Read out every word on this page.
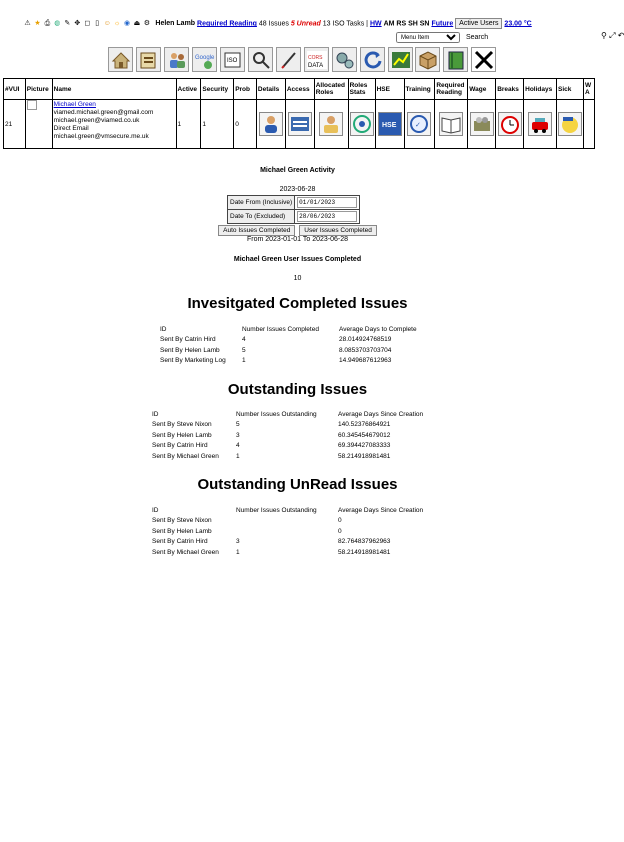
⚠ ★ ⎙ ◍ ✎ ✥ ◻ ▯ ☺ ☼ ◉ ⏏ ⚙ Helen Lamb Required Reading 48 Issues 5 Unread 13 ISO Tasks | HW AM RS SH SN Future Active Users 23.00 °C
Menu Item Search	⚲ ⤢ ↶

Google
ISO

	CORS
DATA

#VUI	Picture	Name	Active	Security	Prob	Details	Access	Allocated Roles	Roles Stats	HSE	Training	Required Reading	Wage	Breaks	Holidays	Sick	W A
21		Michael Green
viamed.michael.green@gmail.com
michael.green@viamed.co.uk
Direct Email
michael.green@vmsecure.me.uk	1	1	0					HSE	✓

Michael Green Activity
2023-06-28
Date From (Inclusive)	01/01/2023
Date To (Excluded)	28/06/2023
Auto Issues Completed User Issues Completed
From 2023-01-01 To 2023-06-28
Michael Green User Issues Completed
10
Invesitgated Completed Issues
ID	Number Issues Completed	Average Days to Complete
Sent By Catrin Hird	4	28.014924768519
Sent By Helen Lamb	5	8.0853703703704
Sent By Marketing Log	1	14.949687612963
Outstanding Issues
ID	Number Issues Outstanding	Average Days Since Creation
Sent By Steve Nixon	5	140.52376864921
Sent By Helen Lamb	3	60.345454679012
Sent By Catrin Hird	4	69.394427083333
Sent By Michael Green	1	58.214918981481
Outstanding UnRead Issues
ID	Number Issues Outstanding	Average Days Since Creation
Sent By Steve Nixon		0
Sent By Helen Lamb		0
Sent By Catrin Hird	3	82.764837962963
Sent By Michael Green	1	58.214918981481
